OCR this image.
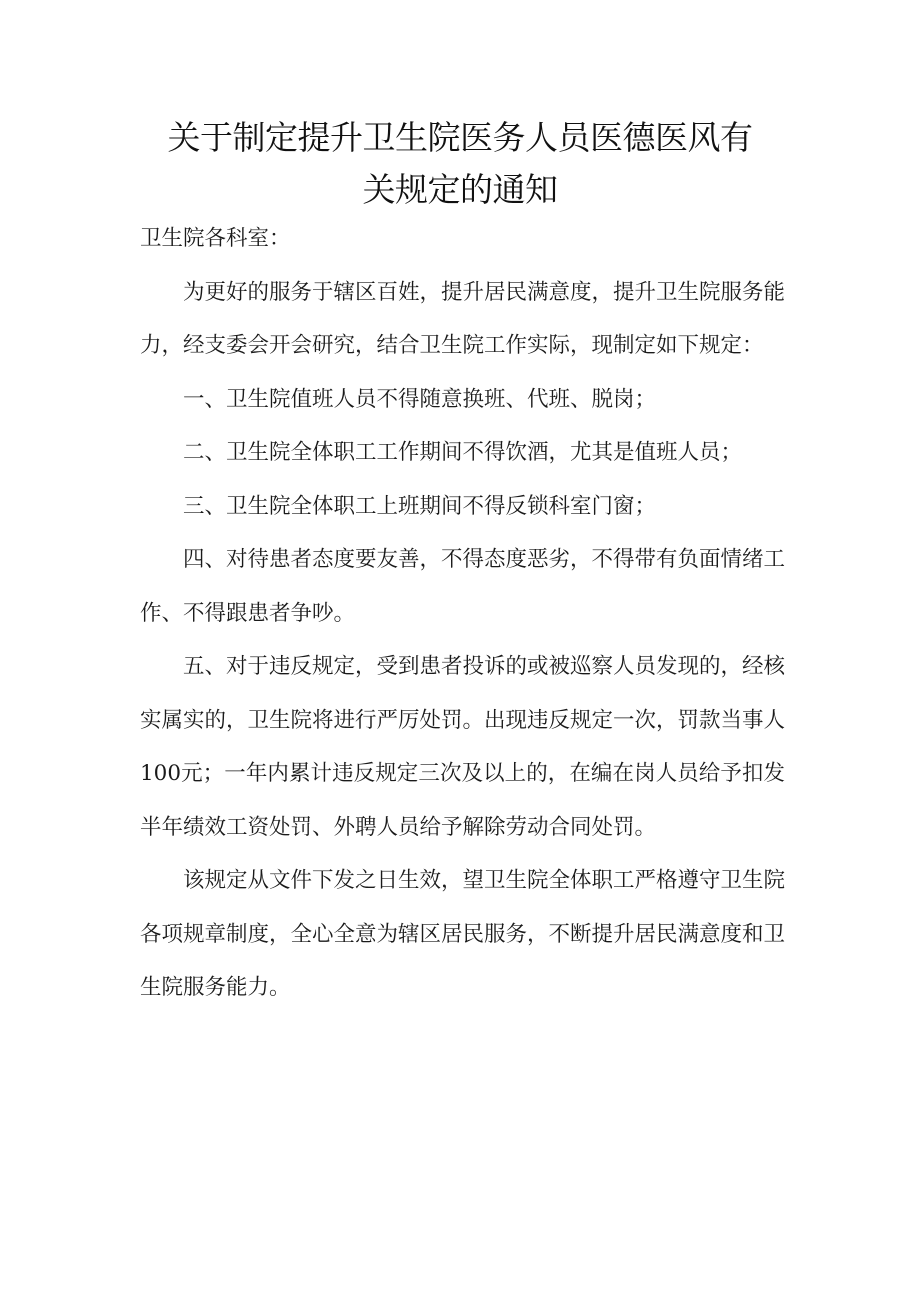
关于制定提升卫生院医务人员医德医风有
关规定的通知

卫生院各科室：

为更好的服务于辖区百姓，提升居民满意度，提升卫生院服务能力，经支委会开会研究，结合卫生院工作实际，现制定如下规定：

一、卫生院值班人员不得随意换班、代班、脱岗；

二、卫生院全体职工工作期间不得饮酒，尤其是值班人员；

三、卫生院全体职工上班期间不得反锁科室门窗；

四、对待患者态度要友善，不得态度恶劣，不得带有负面情绪工作、不得跟患者争吵。

五、对于违反规定，受到患者投诉的或被巡察人员发现的，经核实属实的，卫生院将进行严厉处罚。出现违反规定一次，罚款当事人100元；一年内累计违反规定三次及以上的，在编在岗人员给予扣发半年绩效工资处罚、外聘人员给予解除劳动合同处罚。

该规定从文件下发之日生效，望卫生院全体职工严格遵守卫生院各项规章制度，全心全意为辖区居民服务，不断提升居民满意度和卫生院服务能力。
